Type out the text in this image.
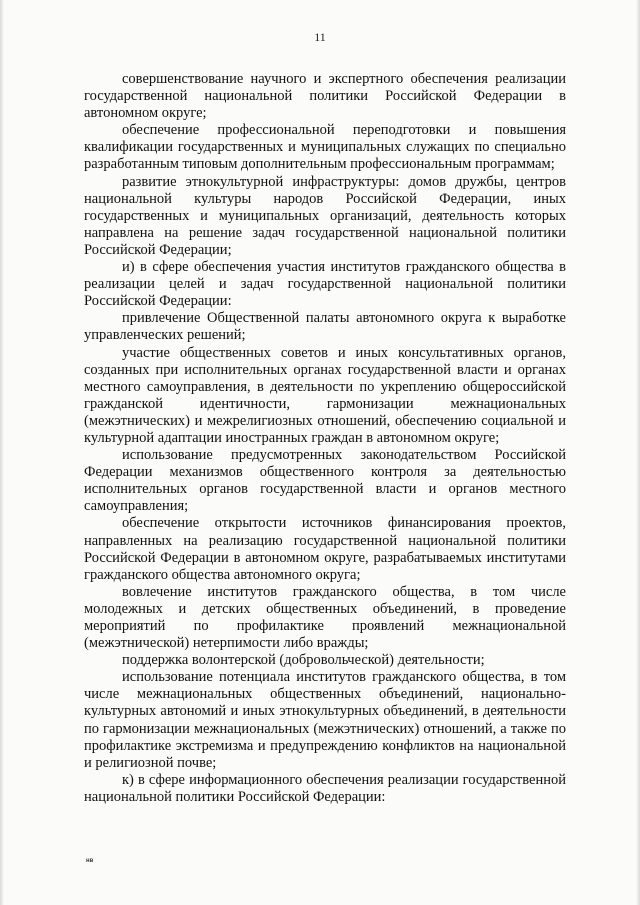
11

совершенствование научного и экспертного обеспечения реализации государственной национальной политики Российской Федерации в автономном округе;

обеспечение профессиональной переподготовки и повышения квалификации государственных и муниципальных служащих по специально разработанным типовым дополнительным профессиональным программам;

развитие этнокультурной инфраструктуры: домов дружбы, центров национальной культуры народов Российской Федерации, иных государственных и муниципальных организаций, деятельность которых направлена на решение задач государственной национальной политики Российской Федерации;

и) в сфере обеспечения участия институтов гражданского общества в реализации целей и задач государственной национальной политики Российской Федерации:

привлечение Общественной палаты автономного округа к выработке управленческих решений;

участие общественных советов и иных консультативных органов, созданных при исполнительных органах государственной власти и органах местного самоуправления, в деятельности по укреплению общероссийской гражданской идентичности, гармонизации межнациональных (межэтнических) и межрелигиозных отношений, обеспечению социальной и культурной адаптации иностранных граждан в автономном округе;

использование предусмотренных законодательством Российской Федерации механизмов общественного контроля за деятельностью исполнительных органов государственной власти и органов местного самоуправления;

обеспечение открытости источников финансирования проектов, направленных на реализацию государственной национальной политики Российской Федерации в автономном округе, разрабатываемых институтами гражданского общества автономного округа;

вовлечение институтов гражданского общества, в том числе молодежных и детских общественных объединений, в проведение мероприятий по профилактике проявлений межнациональной (межэтнической) нетерпимости либо вражды;

поддержка волонтерской (добровольческой) деятельности;

использование потенциала институтов гражданского общества, в том числе межнациональных общественных объединений, национально-культурных автономий и иных этнокультурных объединений, в деятельности по гармонизации межнациональных (межэтнических) отношений, а также по профилактике экстремизма и предупреждению конфликтов на национальной и религиозной почве;

к) в сфере информационного обеспечения реализации государственной национальной политики Российской Федерации:

нв
